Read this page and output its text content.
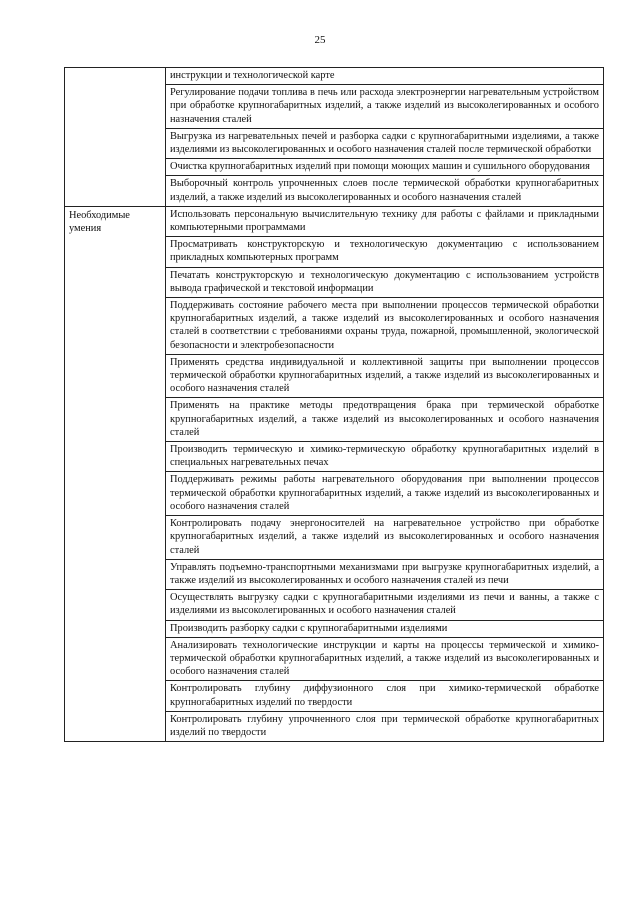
25
	инструкции и технологической карте
	Регулирование подачи топлива в печь или расхода электроэнергии нагревательным устройством при обработке крупногабаритных изделий, а также изделий из высоколегированных и особого назначения сталей
	Выгрузка из нагревательных печей и разборка садки с крупногабаритными изделиями, а также изделиями из высоколегированных и особого назначения сталей после термической обработки
	Очистка крупногабаритных изделий при помощи моющих машин и сушильного оборудования
	Выборочный контроль упрочненных слоев после термической обработки крупногабаритных изделий, а также изделий из высоколегированных и особого назначения сталей
Необходимые умения	Использовать персональную вычислительную технику для работы с файлами и прикладными компьютерными программами
	Просматривать конструкторскую и технологическую документацию с использованием прикладных компьютерных программ
	Печатать конструкторскую и технологическую документацию с использованием устройств вывода графической и текстовой информации
	Поддерживать состояние рабочего места при выполнении процессов термической обработки крупногабаритных изделий, а также изделий из высоколегированных и особого назначения сталей в соответствии с требованиями охраны труда, пожарной, промышленной, экологической безопасности и электробезопасности
	Применять средства индивидуальной и коллективной защиты при выполнении процессов термической обработки крупногабаритных изделий, а также изделий из высоколегированных и особого назначения сталей
	Применять на практике методы предотвращения брака при термической обработке крупногабаритных изделий, а также изделий из высоколегированных и особого назначения сталей
	Производить термическую и химико-термическую обработку крупногабаритных изделий в специальных нагревательных печах
	Поддерживать режимы работы нагревательного оборудования при выполнении процессов термической обработки крупногабаритных изделий, а также изделий из высоколегированных и особого назначения сталей
	Контролировать подачу энергоносителей на нагревательное устройство при обработке крупногабаритных изделий, а также изделий из высоколегированных и особого назначения сталей
	Управлять подъемно-транспортными механизмами при выгрузке крупногабаритных изделий, а также изделий из высоколегированных и особого назначения сталей из печи
	Осуществлять выгрузку садки с крупногабаритными изделиями из печи и ванны, а также с изделиями из высоколегированных и особого назначения сталей
	Производить разборку садки с крупногабаритными изделиями
	Анализировать технологические инструкции и карты на процессы термической и химико-термической обработки крупногабаритных изделий, а также изделий из высоколегированных и особого назначения сталей
	Контролировать глубину диффузионного слоя при химико-термической обработке крупногабаритных изделий по твердости
	Контролировать глубину упрочненного слоя при термической обработке крупногабаритных изделий по твердости
